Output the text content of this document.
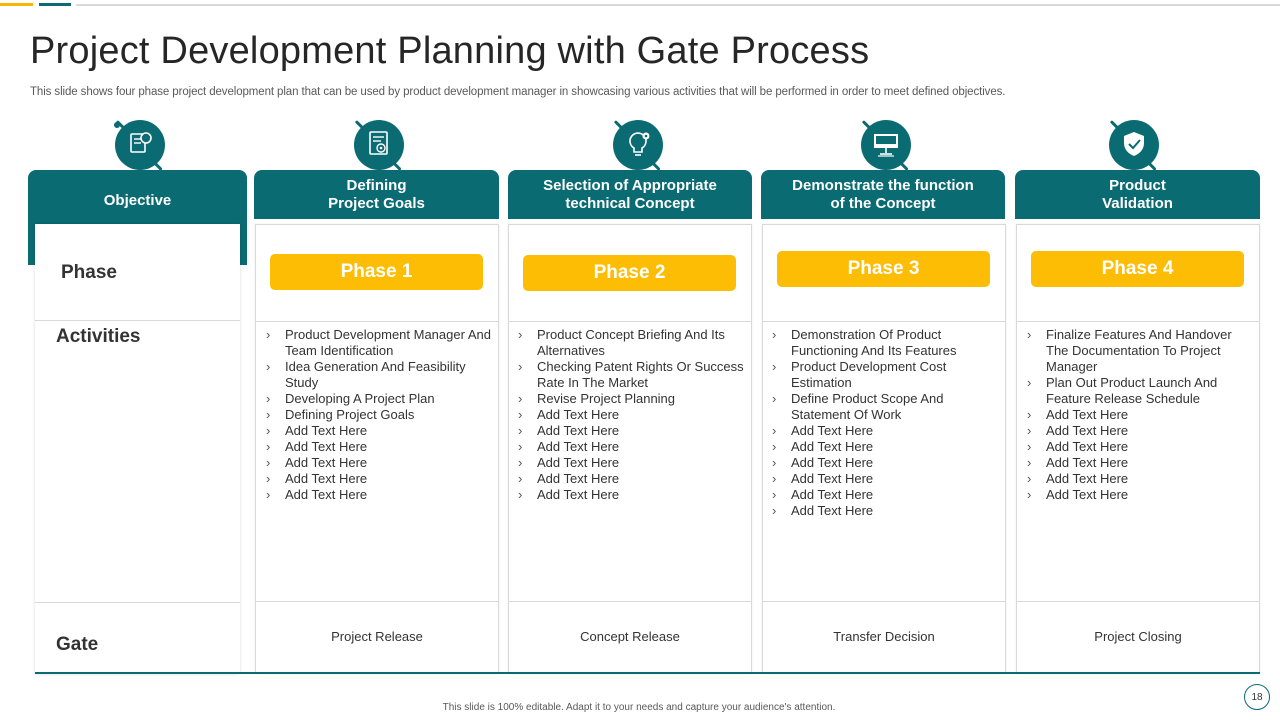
Project Development Planning with Gate Process
This slide shows four phase project development plan that can be used by product development manager in showcasing various activities that will be performed in order to meet defined objectives.
Objective
Phase
Activities
Gate
Defining
Project Goals
Phase 1
› Product Development Manager And Team Identification
› Idea Generation And Feasibility Study
› Developing A Project Plan
› Defining Project Goals
› Add Text Here
› Add Text Here
› Add Text Here
› Add Text Here
› Add Text Here
Project Release
Selection of Appropriate
technical Concept
Phase 2
› Product Concept Briefing And Its Alternatives
› Checking Patent Rights Or Success Rate In The Market
› Revise Project Planning
› Add Text Here
› Add Text Here
› Add Text Here
› Add Text Here
› Add Text Here
› Add Text Here
Concept Release
Demonstrate the function
of the Concept
Phase 3
› Demonstration Of Product Functioning And Its Features
› Product Development Cost Estimation
› Define Product Scope And Statement Of Work
› Add Text Here
› Add Text Here
› Add Text Here
› Add Text Here
› Add Text Here
› Add Text Here
Transfer Decision
Product
Validation
Phase 4
› Finalize Features And Handover The Documentation To Project Manager
› Plan Out Product Launch And Feature Release Schedule
› Add Text Here
› Add Text Here
› Add Text Here
› Add Text Here
› Add Text Here
› Add Text Here
Project Closing
This slide is 100% editable. Adapt it to your needs and capture your audience's attention.
18
